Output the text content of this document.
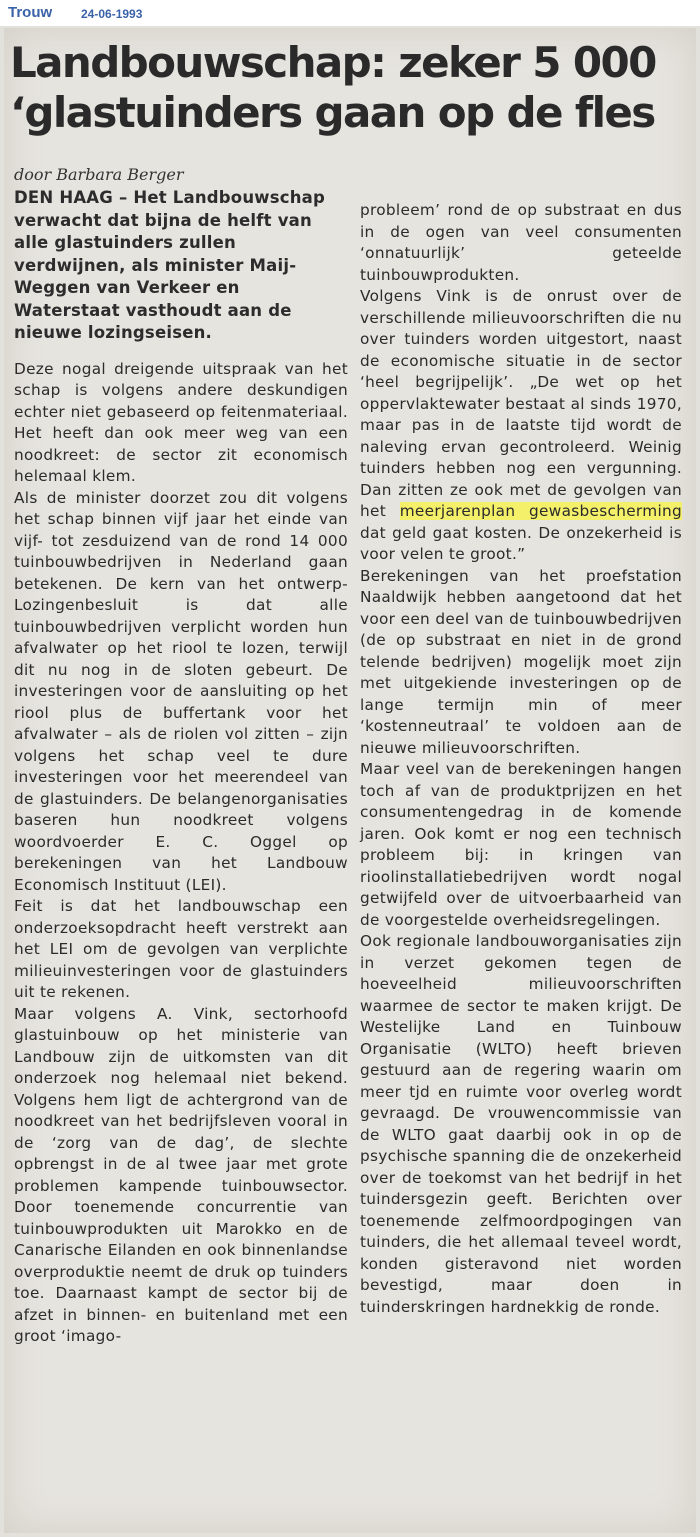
Trouw 24-06-1993
Landbouwschap: zeker 5 000
‘glastuinders gaan op de fles

door Barbara Berger

DEN HAAG – Het Landbouwschap verwacht dat bijna de helft van alle glastuinders zullen verdwijnen, als minister Maij-Weggen van Verkeer en Waterstaat vasthoudt aan de nieuwe lozingseisen.

Deze nogal dreigende uitspraak van het schap is volgens andere deskundigen echter niet gebaseerd op feitenmateriaal. Het heeft dan ook meer weg van een noodkreet: de sector zit economisch helemaal klem.

Als de minister doorzet zou dit volgens het schap binnen vijf jaar het einde van vijf- tot zesduizend van de rond 14 000 tuinbouwbedrijven in Nederland gaan betekenen. De kern van het ontwerp-Lozingenbesluit is dat alle tuinbouwbedrijven verplicht worden hun afvalwater op het riool te lozen, terwijl dit nu nog in de sloten gebeurt. De investeringen voor de aansluiting op het riool plus de buffertank voor het afvalwater – als de riolen vol zitten – zijn volgens het schap veel te dure investeringen voor het meerendeel van de glastuinders. De belangenorganisaties baseren hun noodkreet volgens woordvoerder E. C. Oggel op berekeningen van het Landbouw Economisch Instituut (LEI).

Feit is dat het landbouwschap een onderzoeksopdracht heeft verstrekt aan het LEI om de gevolgen van verplichte milieuinvesteringen voor de glastuinders uit te rekenen.

Maar volgens A. Vink, sectorhoofd glastuinbouw op het ministerie van Landbouw zijn de uitkomsten van dit onderzoek nog helemaal niet bekend. Volgens hem ligt de achtergrond van de noodkreet van het bedrijfsleven vooral in de ‘zorg van de dag’, de slechte opbrengst in de al twee jaar met grote problemen kampende tuinbouwsector. Door toenemende concurrentie van tuinbouwprodukten uit Marokko en de Canarische Eilanden en ook binnenlandse overproduktie neemt de druk op tuinders toe. Daarnaast kampt de sector bij de afzet in binnen- en buitenland met een groot ‘imago-

probleem’ rond de op substraat en dus in de ogen van veel consumenten ‘onnatuurlijk’ geteelde tuinbouwprodukten.

Volgens Vink is de onrust over de verschillende milieuvoorschriften die nu over tuinders worden uitgestort, naast de economische situatie in de sector ‘heel begrijpelijk’. „De wet op het oppervlaktewater bestaat al sinds 1970, maar pas in de laatste tijd wordt de naleving ervan gecontroleerd. Weinig tuinders hebben nog een vergunning. Dan zitten ze ook met de gevolgen van het meerjarenplan gewasbescherming dat geld gaat kosten. De onzekerheid is voor velen te groot.”

Berekeningen van het proefstation Naaldwijk hebben aangetoond dat het voor een deel van de tuinbouwbedrijven (de op substraat en niet in de grond telende bedrijven) mogelijk moet zijn met uitgekiende investeringen op de lange termijn min of meer ‘kostenneutraal’ te voldoen aan de nieuwe milieuvoorschriften.

Maar veel van de berekeningen hangen toch af van de produktprijzen en het consumentengedrag in de komende jaren. Ook komt er nog een technisch probleem bij: in kringen van rioolinstallatiebedrijven wordt nogal getwijfeld over de uitvoerbaarheid van de voorgestelde overheidsregelingen.

Ook regionale landbouworganisaties zijn in verzet gekomen tegen de hoeveelheid milieuvoorschriften waarmee de sector te maken krijgt. De Westelijke Land en Tuinbouw Organisatie (WLTO) heeft brieven gestuurd aan de regering waarin om meer tjd en ruimte voor overleg wordt gevraagd. De vrouwencommissie van de WLTO gaat daarbij ook in op de psychische spanning die de onzekerheid over de toekomst van het bedrijf in het tuindersgezin geeft. Berichten over toenemende zelfmoordpogingen van tuinders, die het allemaal teveel wordt, konden gisteravond niet worden bevestigd, maar doen in tuinderskringen hardnekkig de ronde.
